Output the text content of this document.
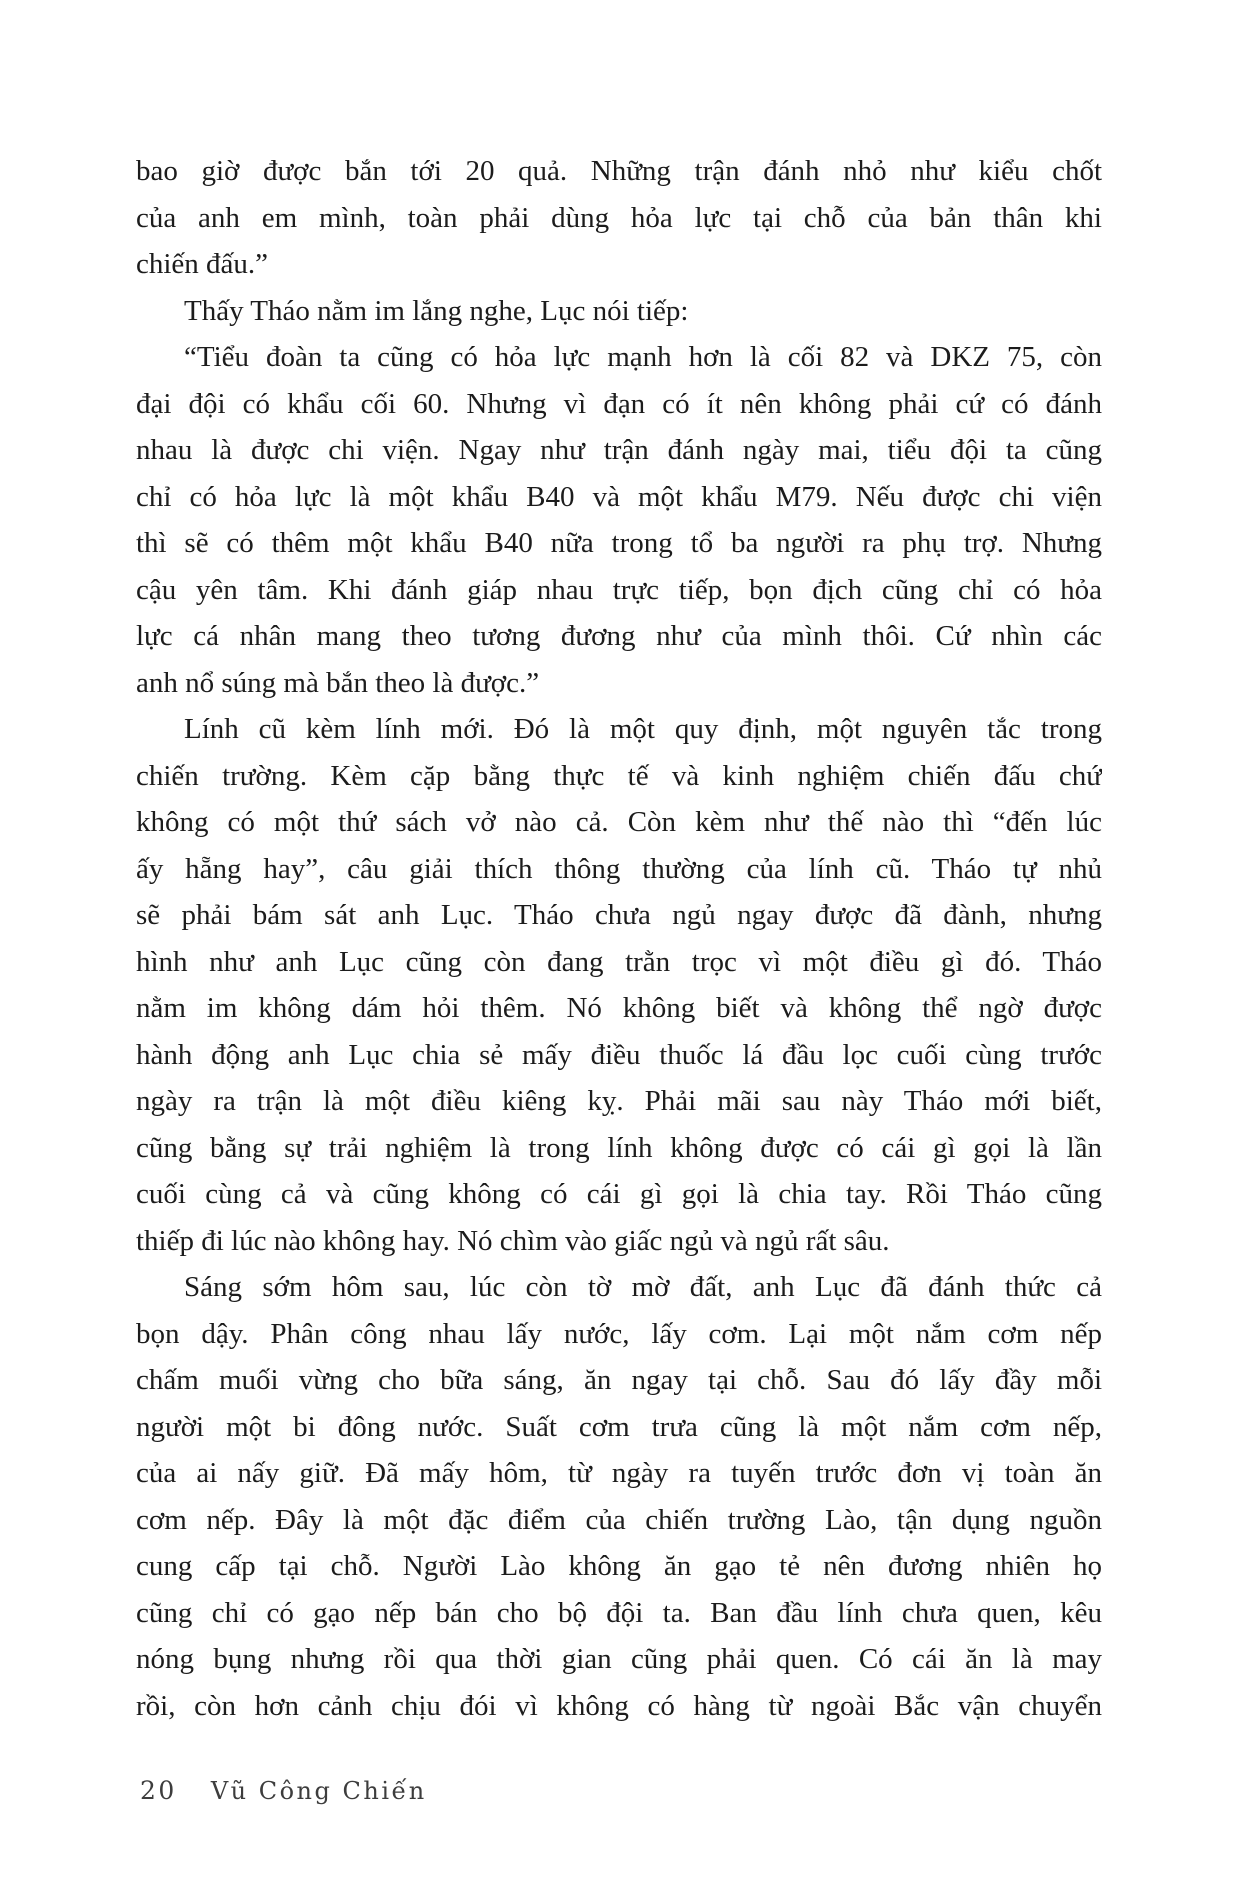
bao giờ được bắn tới 20 quả. Những trận đánh nhỏ như kiểu chốt
của anh em mình, toàn phải dùng hỏa lực tại chỗ của bản thân khi
chiến đấu.”
Thấy Tháo nằm im lắng nghe, Lục nói tiếp:
“Tiểu đoàn ta cũng có hỏa lực mạnh hơn là cối 82 và DKZ 75, còn
đại đội có khẩu cối 60. Nhưng vì đạn có ít nên không phải cứ có đánh
nhau là được chi viện. Ngay như trận đánh ngày mai, tiểu đội ta cũng
chỉ có hỏa lực là một khẩu B40 và một khẩu M79. Nếu được chi viện
thì sẽ có thêm một khẩu B40 nữa trong tổ ba người ra phụ trợ. Nhưng
cậu yên tâm. Khi đánh giáp nhau trực tiếp, bọn địch cũng chỉ có hỏa
lực cá nhân mang theo tương đương như của mình thôi. Cứ nhìn các
anh nổ súng mà bắn theo là được.”
Lính cũ kèm lính mới. Đó là một quy định, một nguyên tắc trong
chiến trường. Kèm cặp bằng thực tế và kinh nghiệm chiến đấu chứ
không có một thứ sách vở nào cả. Còn kèm như thế nào thì “đến lúc
ấy hẵng hay”, câu giải thích thông thường của lính cũ. Tháo tự nhủ
sẽ phải bám sát anh Lục. Tháo chưa ngủ ngay được đã đành, nhưng
hình như anh Lục cũng còn đang trằn trọc vì một điều gì đó. Tháo
nằm im không dám hỏi thêm. Nó không biết và không thể ngờ được
hành động anh Lục chia sẻ mấy điều thuốc lá đầu lọc cuối cùng trước
ngày ra trận là một điều kiêng kỵ. Phải mãi sau này Tháo mới biết,
cũng bằng sự trải nghiệm là trong lính không được có cái gì gọi là lần
cuối cùng cả và cũng không có cái gì gọi là chia tay. Rồi Tháo cũng
thiếp đi lúc nào không hay. Nó chìm vào giấc ngủ và ngủ rất sâu.
Sáng sớm hôm sau, lúc còn tờ mờ đất, anh Lục đã đánh thức cả
bọn dậy. Phân công nhau lấy nước, lấy cơm. Lại một nắm cơm nếp
chấm muối vừng cho bữa sáng, ăn ngay tại chỗ. Sau đó lấy đầy mỗi
người một bi đông nước. Suất cơm trưa cũng là một nắm cơm nếp,
của ai nấy giữ. Đã mấy hôm, từ ngày ra tuyến trước đơn vị toàn ăn
cơm nếp. Đây là một đặc điểm của chiến trường Lào, tận dụng nguồn
cung cấp tại chỗ. Người Lào không ăn gạo tẻ nên đương nhiên họ
cũng chỉ có gạo nếp bán cho bộ đội ta. Ban đầu lính chưa quen, kêu
nóng bụng nhưng rồi qua thời gian cũng phải quen. Có cái ăn là may
rồi, còn hơn cảnh chịu đói vì không có hàng từ ngoài Bắc vận chuyển
20 Vũ Công Chiến
